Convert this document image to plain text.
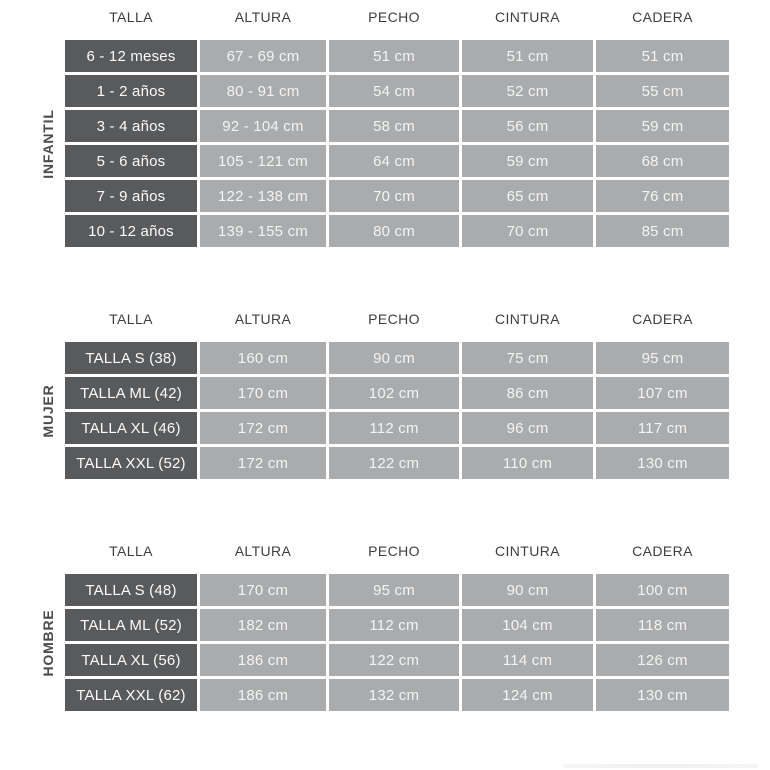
TALLA	ALTURA	PECHO	CINTURA	CADERA
INFANTIL
6 - 12 meses	67 - 69 cm	51 cm	51 cm	51 cm
1 - 2 años	80 - 91 cm	54 cm	52 cm	55 cm
3 - 4 años	92 - 104 cm	58 cm	56 cm	59 cm
5 - 6 años	105 - 121 cm	64 cm	59 cm	68 cm
7 - 9 años	122 - 138 cm	70 cm	65 cm	76 cm
10 - 12 años	139 - 155 cm	80 cm	70 cm	85 cm
TALLA	ALTURA	PECHO	CINTURA	CADERA
MUJER
TALLA S (38)	160 cm	90 cm	75 cm	95 cm
TALLA ML (42)	170 cm	102 cm	86 cm	107 cm
TALLA XL (46)	172 cm	112 cm	96 cm	117 cm
TALLA XXL (52)	172 cm	122 cm	110 cm	130 cm
TALLA	ALTURA	PECHO	CINTURA	CADERA
HOMBRE
TALLA S (48)	170 cm	95 cm	90 cm	100 cm
TALLA ML (52)	182 cm	112 cm	104 cm	118 cm
TALLA XL (56)	186 cm	122 cm	114 cm	126 cm
TALLA XXL (62)	186 cm	132 cm	124 cm	130 cm
